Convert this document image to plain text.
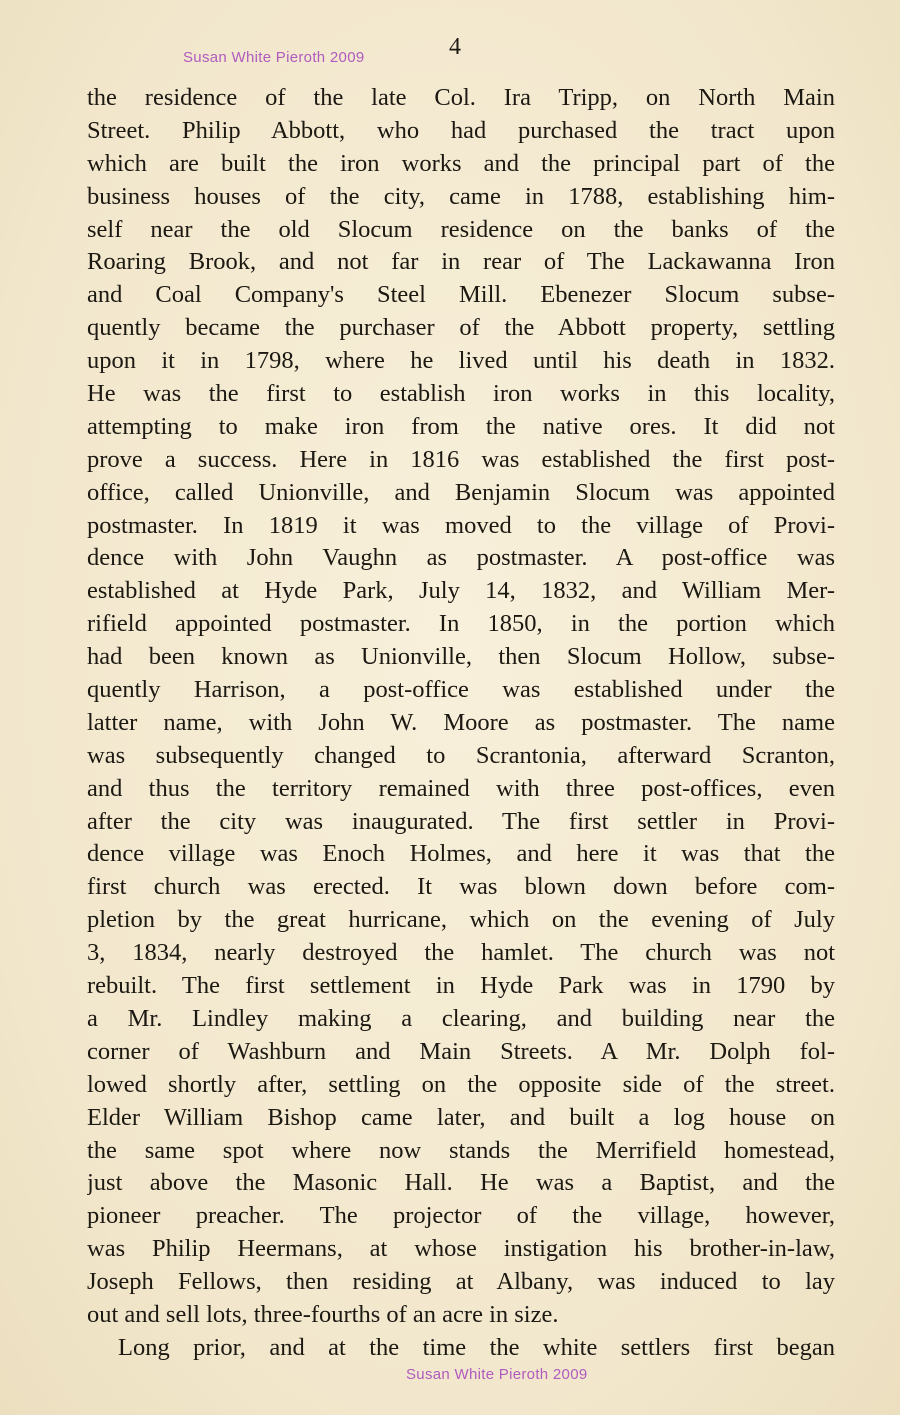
Susan White Pieroth 2009	4
the residence of the late Col. Ira Tripp, on North Main
Street. Philip Abbott, who had purchased the tract upon
which are built the iron works and the principal part of the
business houses of the city, came in 1788, establishing him-
self near the old Slocum residence on the banks of the
Roaring Brook, and not far in rear of The Lackawanna Iron
and Coal Company's Steel Mill. Ebenezer Slocum subse-
quently became the purchaser of the Abbott property, settling
upon it in 1798, where he lived until his death in 1832.
He was the first to establish iron works in this locality,
attempting to make iron from the native ores. It did not
prove a success. Here in 1816 was established the first post-
office, called Unionville, and Benjamin Slocum was appointed
postmaster. In 1819 it was moved to the village of Provi-
dence with John Vaughn as postmaster. A post-office was
established at Hyde Park, July 14, 1832, and William Mer-
rifield appointed postmaster. In 1850, in the portion which
had been known as Unionville, then Slocum Hollow, subse-
quently Harrison, a post-office was established under the
latter name, with John W. Moore as postmaster. The name
was subsequently changed to Scrantonia, afterward Scranton,
and thus the territory remained with three post-offices, even
after the city was inaugurated. The first settler in Provi-
dence village was Enoch Holmes, and here it was that the
first church was erected. It was blown down before com-
pletion by the great hurricane, which on the evening of July
3, 1834, nearly destroyed the hamlet. The church was not
rebuilt. The first settlement in Hyde Park was in 1790 by
a Mr. Lindley making a clearing, and building near the
corner of Washburn and Main Streets. A Mr. Dolph fol-
lowed shortly after, settling on the opposite side of the street.
Elder William Bishop came later, and built a log house on
the same spot where now stands the Merrifield homestead,
just above the Masonic Hall. He was a Baptist, and the
pioneer preacher. The projector of the village, however,
was Philip Heermans, at whose instigation his brother-in-law,
Joseph Fellows, then residing at Albany, was induced to lay
out and sell lots, three-fourths of an acre in size.
Long prior, and at the time the white settlers first began
Susan White Pieroth 2009
